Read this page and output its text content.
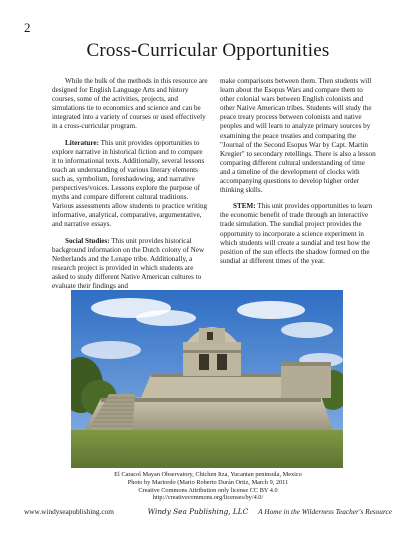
2
Cross-Curricular Opportunities

While the bulk of the methods in this resource are designed for English Language Arts and history courses, some of the activities, projects, and simulations tie to economics and science and can be integrated into a variety of courses or used effectively in a cross-curricular program.

Literature: This unit provides opportunities to explore narrative in historical fiction and to compare it to informational texts. Additionally, several lessons teach an understanding of various literary elements such as, symbolism, foreshadowing, and narrative perspectives/voices. Lessons explore the purpose of myths and compare different cultural traditions. Various assessments allow students to practice writing informative, analytical, comparative, argumentative, and narrative essays.

Social Studies: This unit provides historical background information on the Dutch colony of New Netherlands and the Lenape tribe. Additionally, a research project is provided in which students are asked to study different Native American cultures to evaluate their findings and

make comparisons between them. Then students will learn about the Esopus Wars and compare them to other colonial wars between English colonists and other Native American tribes. Students will study the peace treaty process between colonists and native peoples and will learn to analyze primary sources by examining the peace treaties and comparing the "Journal of the Second Esopus War by Capt. Martin Kregier" to secondary retellings. There is also a lesson comparing different cultural understanding of time and a timeline of the development of clocks with accompanying questions to develop higher order thinking skills.

STEM: This unit provides opportunities to learn the economic benefit of trade through an interactive trade simulation. The sundial project provides the opportunity to incorporate a science experiment in which students will create a sundial and test how the position of the sun effects the shadow formed on the sundial at different times of the year.

El Caracol Mayan Observatory, Chichen Itza, Yucantan peninsula, Mexico
Photo by Mariordo (Mario Roberto Durán Ortiz, March 9, 2011
Creative Commons Attribution only license CC BY 4.0
http://creativecommons.org/licenses/by/4.0/
www.windyseapublishing.com	Windy Sea Publishing, LLC A Home in the Wilderness Teacher's Resource
